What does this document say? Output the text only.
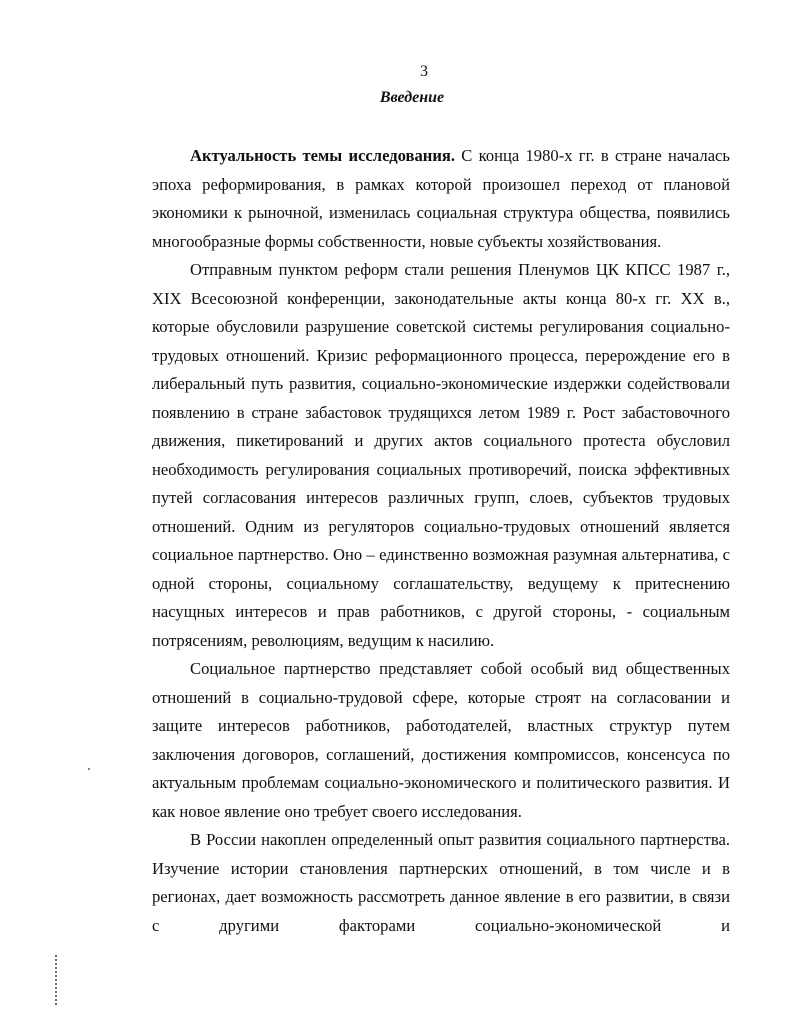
3
Введение

Актуальность темы исследования. С конца 1980-х гг. в стране началась эпоха реформирования, в рамках которой произошел переход от плановой экономики к рыночной, изменилась социальная структура общества, появились многообразные формы собственности, новые субъекты хозяйствования.

Отправным пунктом реформ стали решения Пленумов ЦК КПСС 1987 г., XIX Всесоюзной конференции, законодательные акты конца 80-х гг. ХХ в., которые обусловили разрушение советской системы регулирования социально-трудовых отношений. Кризис реформационного процесса, перерождение его в либеральный путь развития, социально-экономические издержки содействовали появлению в стране забастовок трудящихся летом 1989 г. Рост забастовочного движения, пикетирований и других актов социального протеста обусловил необходимость регулирования социальных противоречий, поиска эффективных путей согласования интересов различных групп, слоев, субъектов трудовых отношений. Одним из регуляторов социально-трудовых отношений является социальное партнерство. Оно – единственно возможная разумная альтернатива, с одной стороны, социальному соглашательству, ведущему к притеснению насущных интересов и прав работников, с другой стороны, - социальным потрясениям, революциям, ведущим к насилию.

Социальное партнерство представляет собой особый вид общественных отношений в социально-трудовой сфере, которые строят на согласовании и защите интересов работников, работодателей, властных структур путем заключения договоров, соглашений, достижения компромиссов, консенсуса по актуальным проблемам социально-экономического и политического развития. И как новое явление оно требует своего исследования.

В России накоплен определенный опыт развития социального партнерства. Изучение истории становления партнерских отношений, в том числе и в регионах, дает возможность рассмотреть данное явление в его развитии, в связи с другими факторами социально-экономической и
